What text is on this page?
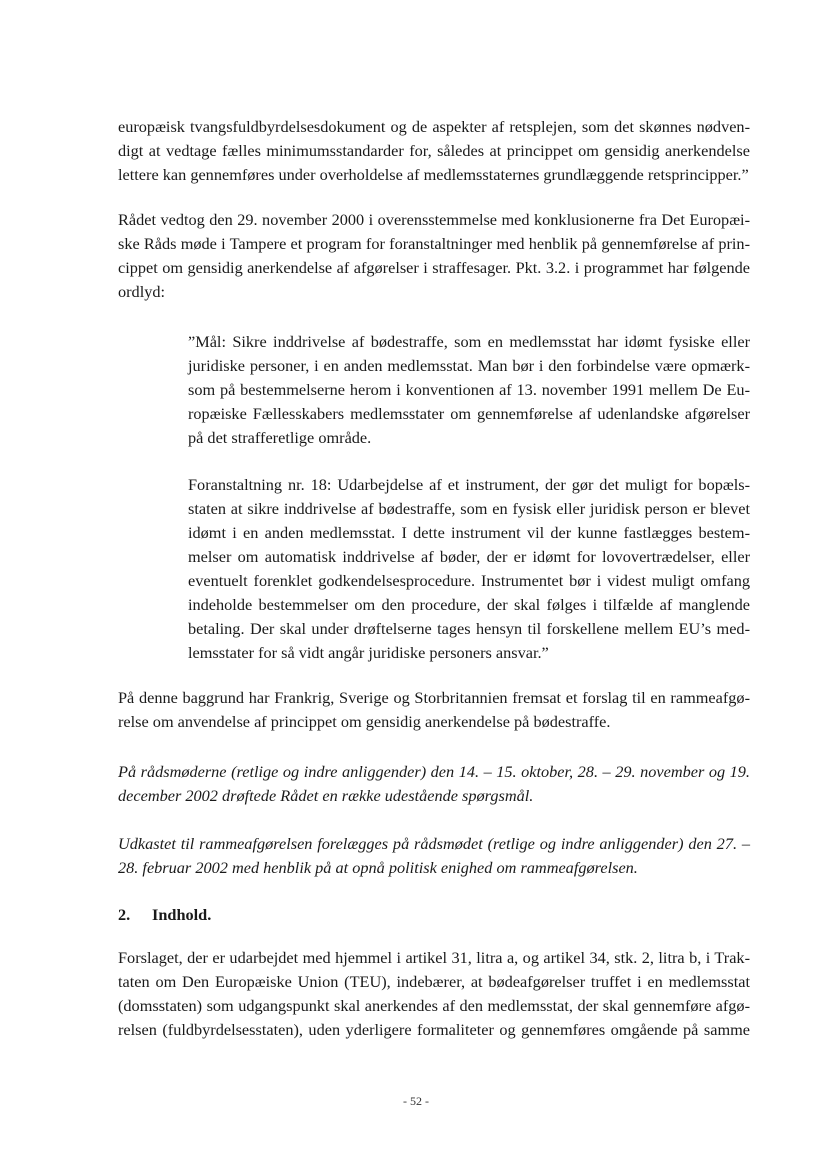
europæisk tvangsfuldbyrdelsesdokument og de aspekter af retsplejen, som det skønnes nødven-
digt at vedtage fælles minimumsstandarder for, således at princippet om gensidig anerkendelse
lettere kan gennemføres under overholdelse af medlemsstaternes grundlæggende retsprincipper.”
Rådet vedtog den 29. november 2000 i overensstemmelse med konklusionerne fra Det Europæi-
ske Råds møde i Tampere et program for foranstaltninger med henblik på gennemførelse af prin-
cippet om gensidig anerkendelse af afgørelser i straffesager. Pkt. 3.2. i programmet har følgende
ordlyd:
”Mål: Sikre inddrivelse af bødestraffe, som en medlemsstat har idømt fysiske eller
juridiske personer, i en anden medlemsstat. Man bør i den forbindelse være opmærk-
som på bestemmelserne herom i konventionen af 13. november 1991 mellem De Eu-
ropæiske Fællesskabers medlemsstater om gennemførelse af udenlandske afgørelser
på det strafferetlige område.
Foranstaltning nr. 18: Udarbejdelse af et instrument, der gør det muligt for bopæls-
staten at sikre inddrivelse af bødestraffe, som en fysisk eller juridisk person er blevet
idømt i en anden medlemsstat. I dette instrument vil der kunne fastlægges bestem-
melser om automatisk inddrivelse af bøder, der er idømt for lovovertrædelser, eller
eventuelt forenklet godkendelsesprocedure. Instrumentet bør i videst muligt omfang
indeholde bestemmelser om den procedure, der skal følges i tilfælde af manglende
betaling. Der skal under drøftelserne tages hensyn til forskellene mellem EU’s med-
lemsstater for så vidt angår juridiske personers ansvar.”
På denne baggrund har Frankrig, Sverige og Storbritannien fremsat et forslag til en rammeafgø-
relse om anvendelse af princippet om gensidig anerkendelse på bødestraffe.
På rådsmøderne (retlige og indre anliggender) den 14. – 15. oktober, 28. – 29. november og 19.
december 2002 drøftede Rådet en række udestående spørgsmål.
Udkastet til rammeafgørelsen forelægges på rådsmødet (retlige og indre anliggender) den 27. –
28. februar 2002 med henblik på at opnå politisk enighed om rammeafgørelsen.
2. Indhold.
Forslaget, der er udarbejdet med hjemmel i artikel 31, litra a, og artikel 34, stk. 2, litra b, i Trak-
taten om Den Europæiske Union (TEU), indebærer, at bødeafgørelser truffet i en medlemsstat
(domsstaten) som udgangspunkt skal anerkendes af den medlemsstat, der skal gennemføre afgø-
relsen (fuldbyrdelsesstaten), uden yderligere formaliteter og gennemføres omgående på samme
- 52 -
